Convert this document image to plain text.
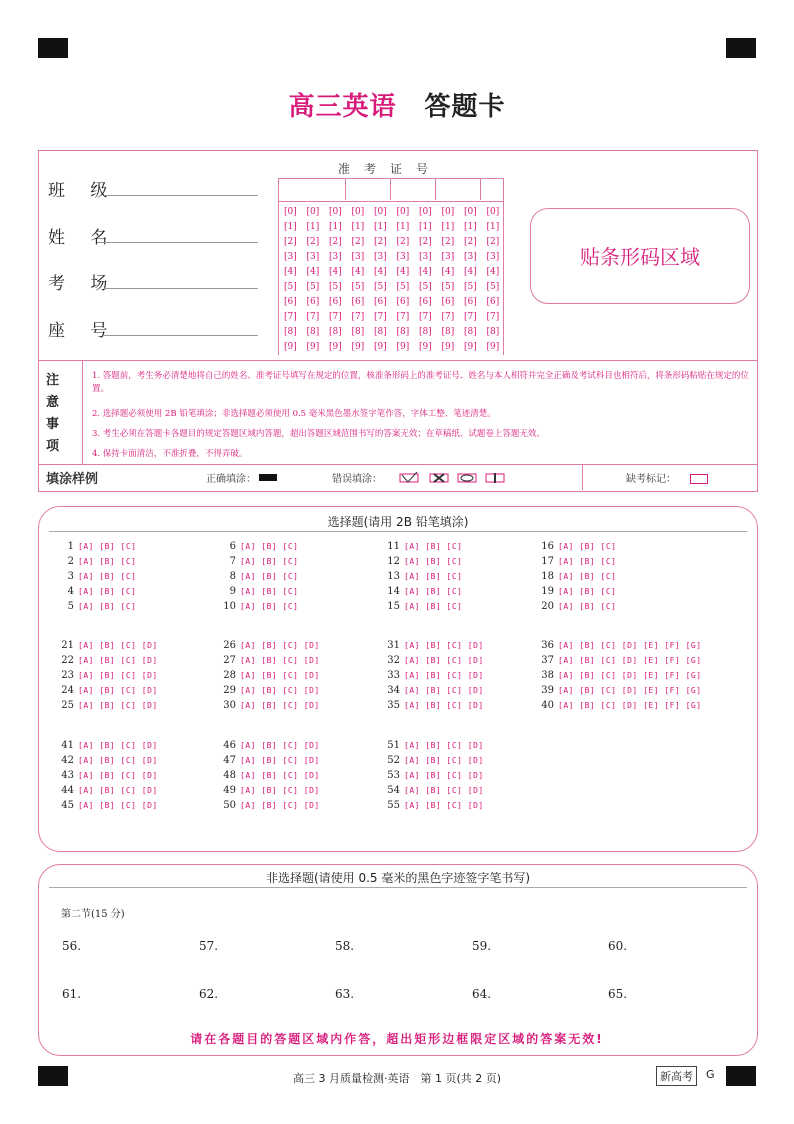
高三英语 答题卡
班 级
姓 名
考 场
座 号
准考证号
[0]	[0]	[0]	[0]	[0]	[0]	[0]	[0]	[0]	[0]
[1]	[1]	[1]	[1]	[1]	[1]	[1]	[1]	[1]	[1]
[2]	[2]	[2]	[2]	[2]	[2]	[2]	[2]	[2]	[2]
[3]	[3]	[3]	[3]	[3]	[3]	[3]	[3]	[3]	[3]
[4]	[4]	[4]	[4]	[4]	[4]	[4]	[4]	[4]	[4]
[5]	[5]	[5]	[5]	[5]	[5]	[5]	[5]	[5]	[5]
[6]	[6]	[6]	[6]	[6]	[6]	[6]	[6]	[6]	[6]
[7]	[7]	[7]	[7]	[7]	[7]	[7]	[7]	[7]	[7]
[8]	[8]	[8]	[8]	[8]	[8]	[8]	[8]	[8]	[8]
[9]	[9]	[9]	[9]	[9]	[9]	[9]	[9]	[9]	[9]
贴条形码区域
注意事项
1. 答题前，考生务必清楚地将自己的姓名、准考证号填写在规定的位置，核准条形码上的准考证号、姓名与本人相符并完全正确及考试科目也相符后，将条形码粘贴在规定的位置。
2. 选择题必须使用 2B 铅笔填涂；非选择题必须使用 0.5 毫米黑色墨水签字笔作答，字体工整、笔迹清楚。
3. 考生必须在答题卡各题目的规定答题区域内答题，超出答题区域范围书写的答案无效；在草稿纸、试题卷上答题无效。
4. 保持卡面清洁，不准折叠，不得弄破。
填涂样例	正确填涂：	错误填涂：	缺考标记：
选择题(请用 2B 铅笔填涂)
1 [A] [B] [C]
2 [A] [B] [C]
3 [A] [B] [C]
4 [A] [B] [C]
5 [A] [B] [C]
6 [A] [B] [C]
7 [A] [B] [C]
8 [A] [B] [C]
9 [A] [B] [C]
10 [A] [B] [C]
11 [A] [B] [C]
12 [A] [B] [C]
13 [A] [B] [C]
14 [A] [B] [C]
15 [A] [B] [C]
16 [A] [B] [C]
17 [A] [B] [C]
18 [A] [B] [C]
19 [A] [B] [C]
20 [A] [B] [C]
21 [A] [B] [C] [D]
22 [A] [B] [C] [D]
23 [A] [B] [C] [D]
24 [A] [B] [C] [D]
25 [A] [B] [C] [D]
26 [A] [B] [C] [D]
27 [A] [B] [C] [D]
28 [A] [B] [C] [D]
29 [A] [B] [C] [D]
30 [A] [B] [C] [D]
31 [A] [B] [C] [D]
32 [A] [B] [C] [D]
33 [A] [B] [C] [D]
34 [A] [B] [C] [D]
35 [A] [B] [C] [D]
36 [A] [B] [C] [D] [E] [F] [G]
37 [A] [B] [C] [D] [E] [F] [G]
38 [A] [B] [C] [D] [E] [F] [G]
39 [A] [B] [C] [D] [E] [F] [G]
40 [A] [B] [C] [D] [E] [F] [G]
41 [A] [B] [C] [D]
42 [A] [B] [C] [D]
43 [A] [B] [C] [D]
44 [A] [B] [C] [D]
45 [A] [B] [C] [D]
46 [A] [B] [C] [D]
47 [A] [B] [C] [D]
48 [A] [B] [C] [D]
49 [A] [B] [C] [D]
50 [A] [B] [C] [D]
51 [A] [B] [C] [D]
52 [A] [B] [C] [D]
53 [A] [B] [C] [D]
54 [A] [B] [C] [D]
55 [A] [B] [C] [D]
非选择题(请使用 0.5 毫米的黑色字迹签字笔书写)
第二节(15 分)
56.	57.	58.	59.	60.
61.	62.	63.	64.	65.
请在各题目的答题区域内作答，超出矩形边框限定区域的答案无效!
高三 3 月质量检测·英语　第 1 页(共 2 页)	新高考	G
